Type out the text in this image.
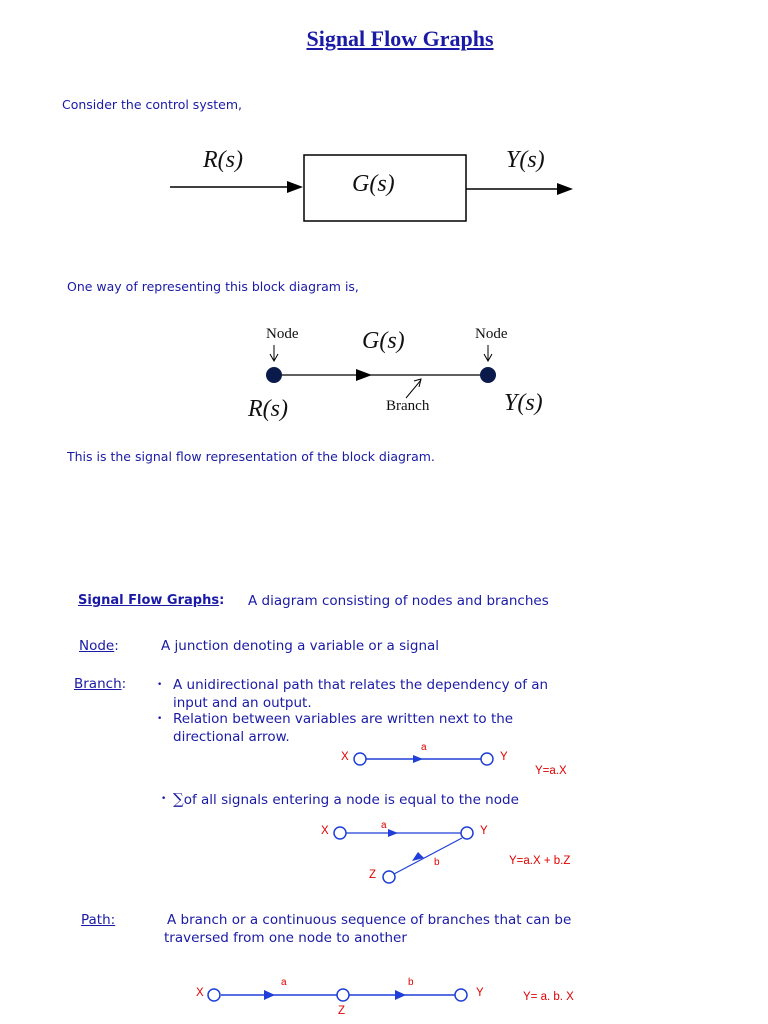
Signal Flow Graphs
Consider the control system,
R(s)
G(s)
Y(s)
One way of representing this block diagram is,
Node	Node
G(s)
R(s)	Y(s)
Branch
This is the signal flow representation of the block diagram.
Signal Flow Graphs: A diagram consisting of nodes and branches
Node:	A junction denoting a variable or a signal
Branch:	• A unidirectional path that relates the dependency of an input and an output.
• Relation between variables are written next to the directional arrow.
X	Y
a
Y=a.X
• ∑of all signals entering a node is equal to the node
X	Y
Z
a
b	Y=a.X + b.Z
Path:	A branch or a continuous sequence of branches that can be traversed from one node to another
X	Y
Z
a	b
Y= a. b. X
